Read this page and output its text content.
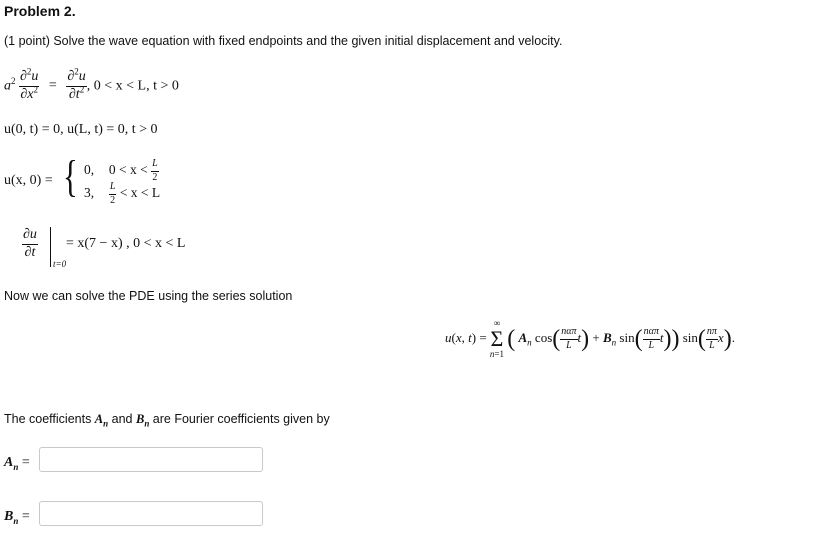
Problem 2.
(1 point) Solve the wave equation with fixed endpoints and the given initial displacement and velocity.
$a^2 \frac{\partial^2u}{\partial x^2} = \frac{\partial^2u}{\partial t^2}$ , 0 < x < L, t > 0
u(0, t) = 0, u(L, t) = 0, t > 0
u(x, 0) = { 0, $0 < x < \frac{L}{2}$
3, $\frac{L}{2} < x < L$
$\frac{\partial u}{\partial t}$
t=0
= x(7 − x) , 0 < x < L
Now we can solve the PDE using the series solution
u(x, t) =
∞
Σ
n=1
( $A_n$ $\cos( \frac{\text{nαπ}}{L} t) + B_n$ $\sin( \frac{\text{nαπ}}{L} t)$) $\sin( \frac{n\pi}{L} x)$.
The coefficients $A_n$ and $B_n$ are Fourier coefficients given by
$A_n$ =
$B_n$ =
